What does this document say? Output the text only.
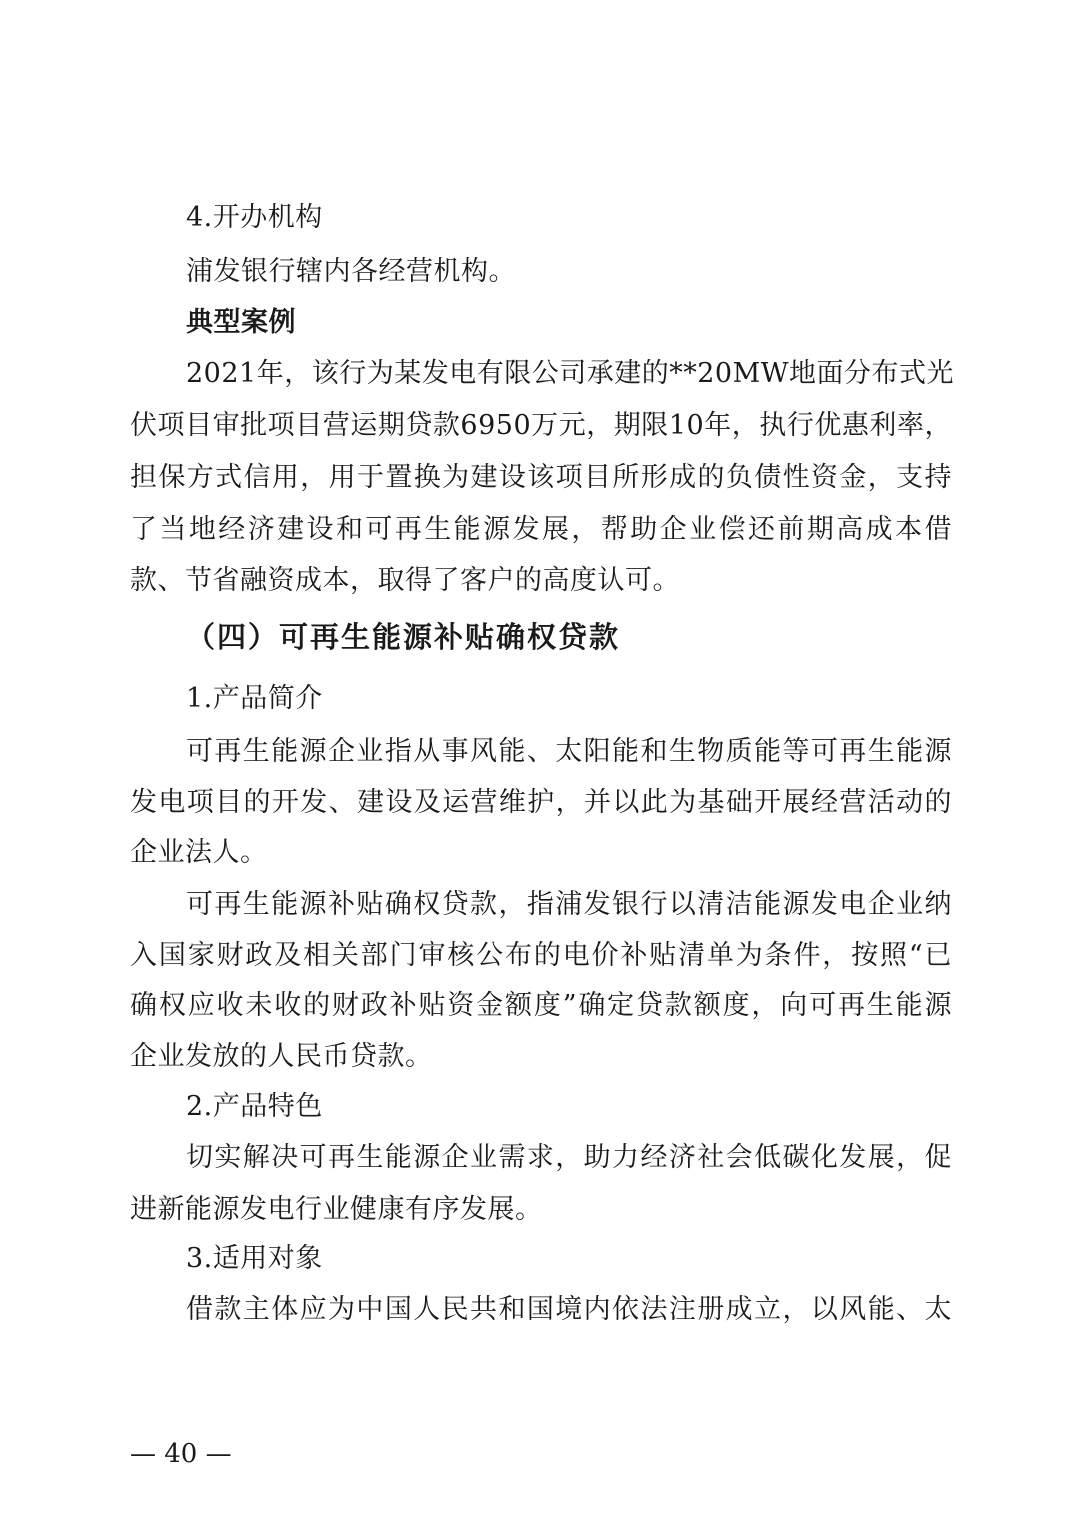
4.开办机构
浦发银行辖内各经营机构。
典型案例
2021年，该行为某发电有限公司承建的**20MW地面分布式光
伏项目审批项目营运期贷款6950万元，期限10年，执行优惠利率，
担保方式信用，用于置换为建设该项目所形成的负债性资金，支持
了当地经济建设和可再生能源发展，帮助企业偿还前期高成本借
款、节省融资成本，取得了客户的高度认可。
（四）可再生能源补贴确权贷款
1.产品简介
可再生能源企业指从事风能、太阳能和生物质能等可再生能源
发电项目的开发、建设及运营维护，并以此为基础开展经营活动的
企业法人。
可再生能源补贴确权贷款，指浦发银行以清洁能源发电企业纳
入国家财政及相关部门审核公布的电价补贴清单为条件，按照“已
确权应收未收的财政补贴资金额度”确定贷款额度，向可再生能源
企业发放的人民币贷款。
2.产品特色
切实解决可再生能源企业需求，助力经济社会低碳化发展，促
进新能源发电行业健康有序发展。
3.适用对象
借款主体应为中国人民共和国境内依法注册成立，以风能、太
— 40 —
